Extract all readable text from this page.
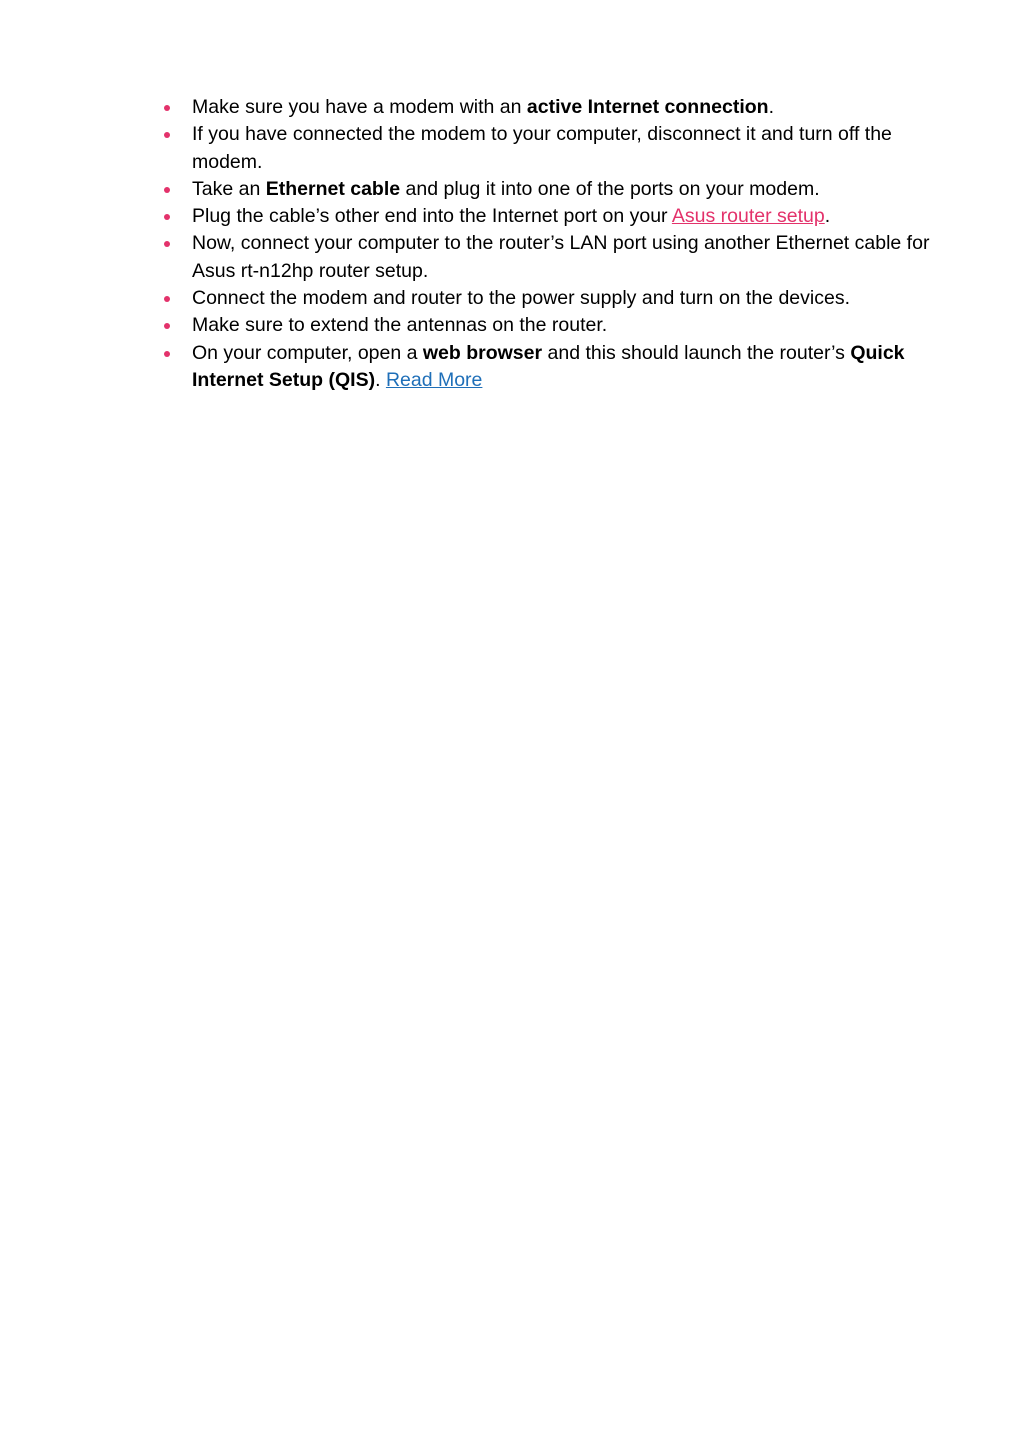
Make sure you have a modem with an active Internet connection.
If you have connected the modem to your computer, disconnect it and turn off the modem.
Take an Ethernet cable and plug it into one of the ports on your modem.
Plug the cable’s other end into the Internet port on your Asus router setup.
Now, connect your computer to the router’s LAN port using another Ethernet cable for Asus rt-n12hp router setup.
Connect the modem and router to the power supply and turn on the devices.
Make sure to extend the antennas on the router.
On your computer, open a web browser and this should launch the router’s Quick Internet Setup (QIS). Read More
